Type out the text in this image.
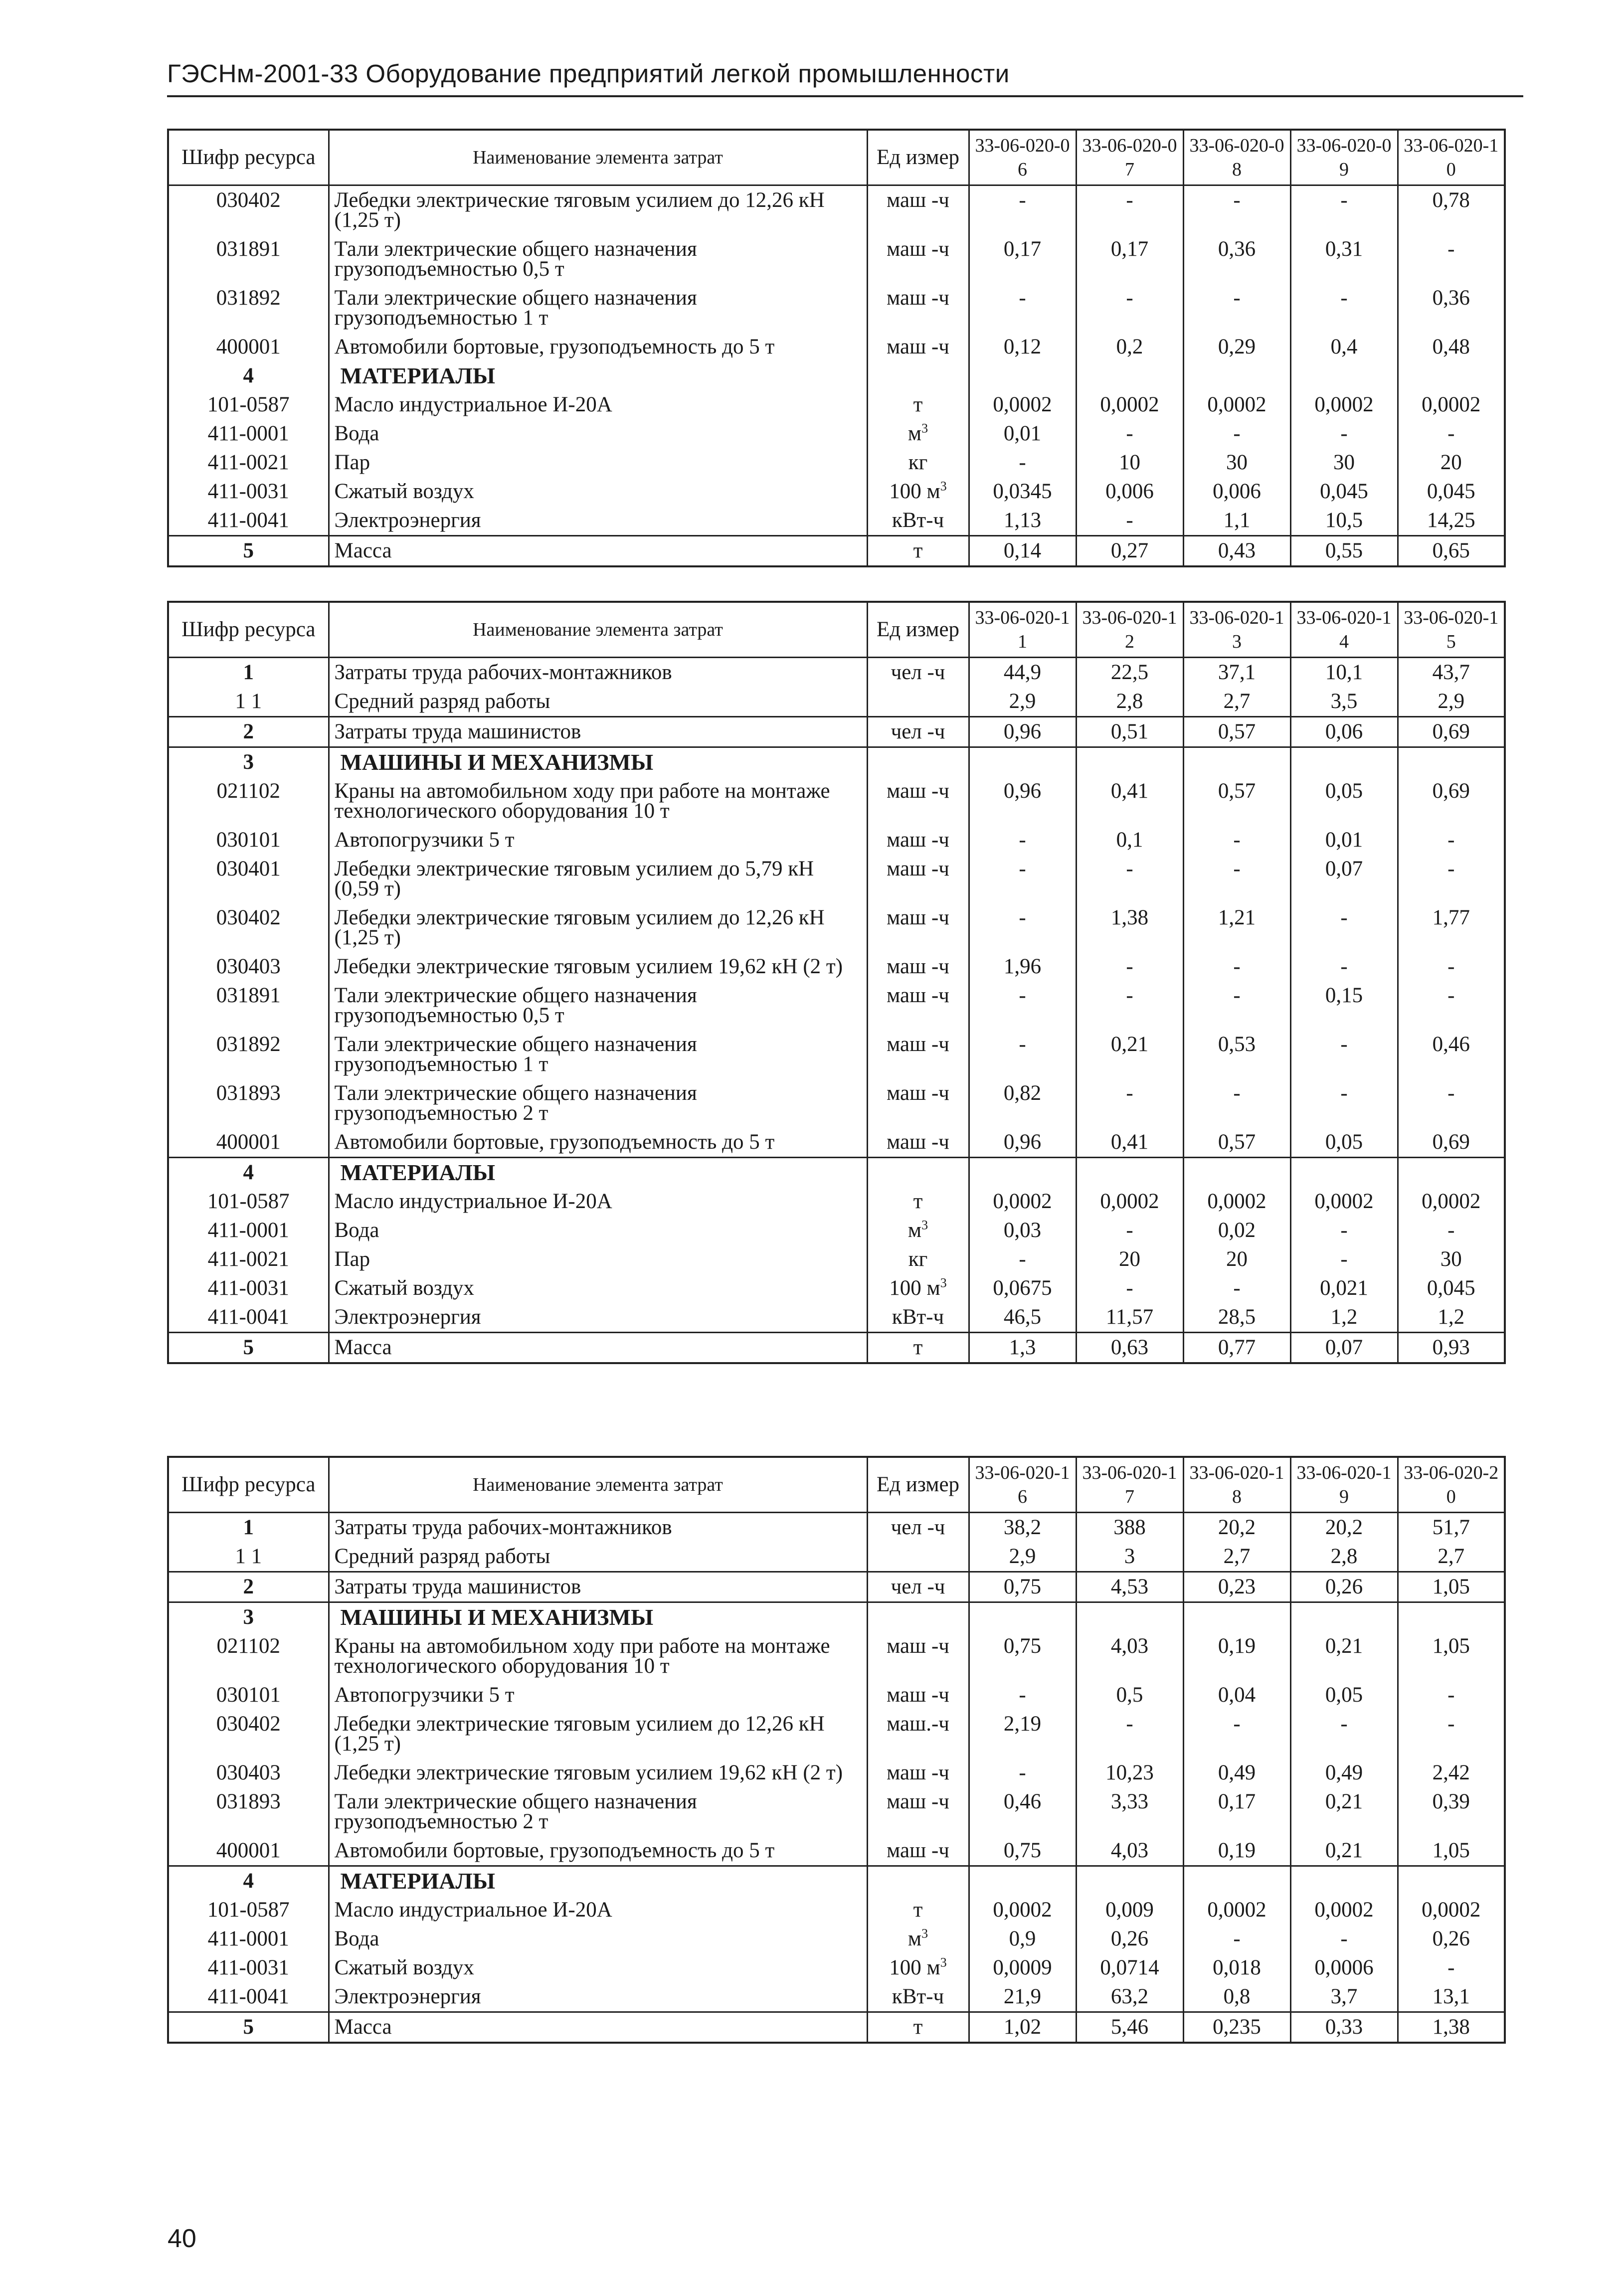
ГЭСНм-2001-33 Оборудование предприятий легкой промышленности
Шифр ресурса	Наименование элемента затрат	Ед измер	33-06-020-06	33-06-020-07	33-06-020-08	33-06-020-09	33-06-020-10
030402	Лебедки электрические тяговым усилием до 12,26 кН (1,25 т)	маш -ч	-	-	-	-	0,78
031891	Тали электрические общего назначения грузоподъемностью 0,5 т	маш -ч	0,17	0,17	0,36	0,31	-
031892	Тали электрические общего назначения грузоподъемностью 1 т	маш -ч	-	-	-	-	0,36
400001	Автомобили бортовые, грузоподъемность до 5 т	маш -ч	0,12	0,2	0,29	0,4	0,48
4	МАТЕРИАЛЫ						
101-0587	Масло индустриальное И-20А	т	0,0002	0,0002	0,0002	0,0002	0,0002
411-0001	Вода	$м^3$	0,01	-	-	-	-
411-0021	Пар	кг	-	10	30	30	20
411-0031	Сжатый воздух	100 $м^3$	0,0345	0,006	0,006	0,045	0,045
411-0041	Электроэнергия	кВт-ч	1,13	-	1,1	10,5	14,25
5	Масса	т	0,14	0,27	0,43	0,55	0,65
Шифр ресурса	Наименование элемента затрат	Ед измер	33-06-020-11	33-06-020-12	33-06-020-13	33-06-020-14	33-06-020-15
1	Затраты труда рабочих-монтажников	чел -ч	44,9	22,5	37,1	10,1	43,7
1 1	Средний разряд работы		2,9	2,8	2,7	3,5	2,9
2	Затраты труда машинистов	чел -ч	0,96	0,51	0,57	0,06	0,69
3	МАШИНЫ И МЕХАНИЗМЫ						
021102	Краны на автомобильном ходу при работе на монтаже технологического оборудования 10 т	маш -ч	0,96	0,41	0,57	0,05	0,69
030101	Автопогрузчики 5 т	маш -ч	-	0,1	-	0,01	-
030401	Лебедки электрические тяговым усилием до 5,79 кН (0,59 т)	маш -ч	-	-	-	0,07	-
030402	Лебедки электрические тяговым усилием до 12,26 кН (1,25 т)	маш -ч	-	1,38	1,21	-	1,77
030403	Лебедки электрические тяговым усилием 19,62 кН (2 т)	маш -ч	1,96	-	-	-	-
031891	Тали электрические общего назначения грузоподъемностью 0,5 т	маш -ч	-	-	-	0,15	-
031892	Тали электрические общего назначения грузоподъемностью 1 т	маш -ч	-	0,21	0,53	-	0,46
031893	Тали электрические общего назначения грузоподъемностью 2 т	маш -ч	0,82	-	-	-	-
400001	Автомобили бортовые, грузоподъемность до 5 т	маш -ч	0,96	0,41	0,57	0,05	0,69
4	МАТЕРИАЛЫ						
101-0587	Масло индустриальное И-20А	т	0,0002	0,0002	0,0002	0,0002	0,0002
411-0001	Вода	$м^3$	0,03	-	0,02	-	-
411-0021	Пар	кг	-	20	20	-	30
411-0031	Сжатый воздух	100 $м^3$	0,0675	-	-	0,021	0,045
411-0041	Электроэнергия	кВт-ч	46,5	11,57	28,5	1,2	1,2
5	Масса	т	1,3	0,63	0,77	0,07	0,93
Шифр ресурса	Наименование элемента затрат	Ед измер	33-06-020-16	33-06-020-17	33-06-020-18	33-06-020-19	33-06-020-20
1	Затраты труда рабочих-монтажников	чел -ч	38,2	388	20,2	20,2	51,7
1 1	Средний разряд работы		2,9	3	2,7	2,8	2,7
2	Затраты труда машинистов	чел -ч	0,75	4,53	0,23	0,26	1,05
3	МАШИНЫ И МЕХАНИЗМЫ						
021102	Краны на автомобильном ходу при работе на монтаже технологического оборудования 10 т	маш -ч	0,75	4,03	0,19	0,21	1,05
030101	Автопогрузчики 5 т	маш -ч	-	0,5	0,04	0,05	-
030402	Лебедки электрические тяговым усилием до 12,26 кН (1,25 т)	маш.-ч	2,19	-	-	-	-
030403	Лебедки электрические тяговым усилием 19,62 кН (2 т)	маш -ч	-	10,23	0,49	0,49	2,42
031893	Тали электрические общего назначения грузоподъемностью 2 т	маш -ч	0,46	3,33	0,17	0,21	0,39
400001	Автомобили бортовые, грузоподъемность до 5 т	маш -ч	0,75	4,03	0,19	0,21	1,05
4	МАТЕРИАЛЫ						
101-0587	Масло индустриальное И-20А	т	0,0002	0,009	0,0002	0,0002	0,0002
411-0001	Вода	$м^3$	0,9	0,26	-	-	0,26
411-0031	Сжатый воздух	100 $м^3$	0,0009	0,0714	0,018	0,0006	-
411-0041	Электроэнергия	кВт-ч	21,9	63,2	0,8	3,7	13,1
5	Масса	т	1,02	5,46	0,235	0,33	1,38
40
